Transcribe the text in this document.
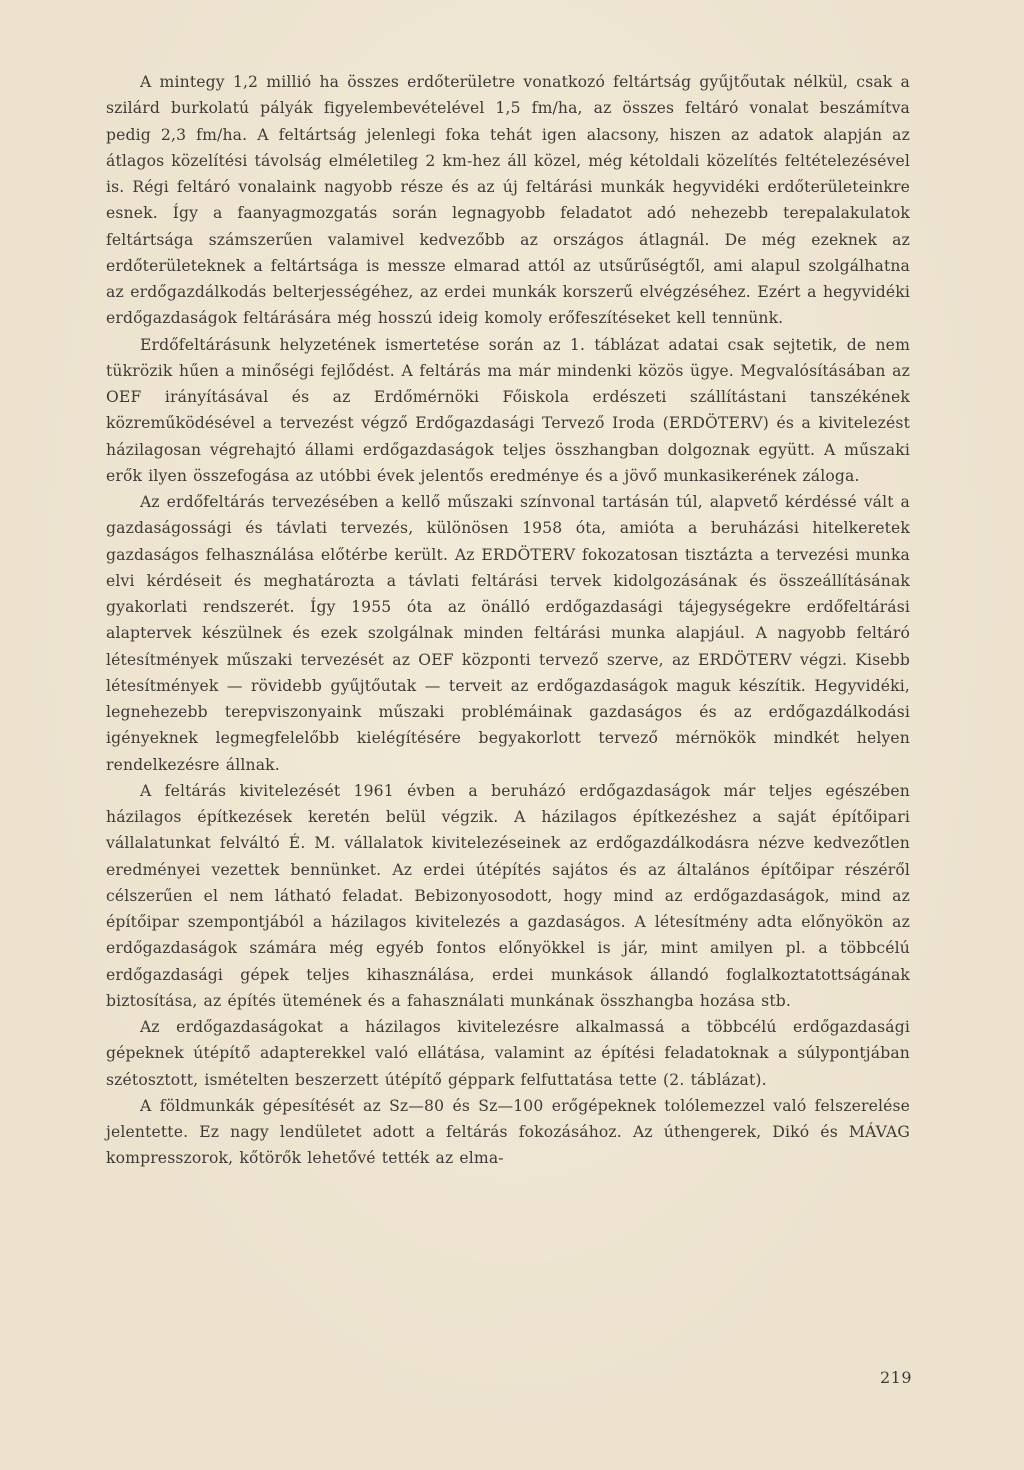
A mintegy 1,2 millió ha összes erdőterületre vonatkozó feltártság gyűjtőutak nélkül, csak a szilárd burkolatú pályák figyelembevételével 1,5 fm/ha, az összes feltáró vonalat beszámítva pedig 2,3 fm/ha. A feltártság jelenlegi foka tehát igen alacsony, hiszen az adatok alapján az átlagos közelítési távolság elméletileg 2 km-hez áll közel, még kétoldali közelítés feltételezésével is. Régi feltáró vonalaink nagyobb része és az új feltárási munkák hegyvidéki erdőterületeinkre esnek. Így a faanyagmozgatás során legnagyobb feladatot adó nehezebb terepalakulatok feltártsága számszerűen valamivel kedvezőbb az országos átlagnál. De még ezeknek az erdőterületeknek a feltártsága is messze elmarad attól az utsűrűségtől, ami alapul szolgálhatna az erdőgazdálkodás belterjességéhez, az erdei munkák korszerű elvégzéséhez. Ezért a hegyvidéki erdőgazdaságok feltárására még hosszú ideig komoly erőfeszítéseket kell tennünk.

Erdőfeltárásunk helyzetének ismertetése során az 1. táblázat adatai csak sejtetik, de nem tükrözik hűen a minőségi fejlődést. A feltárás ma már mindenki közös ügye. Megvalósításában az OEF irányításával és az Erdőmérnöki Főiskola erdészeti szállítástani tanszékének közreműködésével a tervezést végző Erdőgazdasági Tervező Iroda (ERDÖTERV) és a kivitelezést házilagosan végrehajtó állami erdőgazdaságok teljes összhangban dolgoznak együtt. A műszaki erők ilyen összefogása az utóbbi évek jelentős eredménye és a jövő munkasikerének záloga.

Az erdőfeltárás tervezésében a kellő műszaki színvonal tartásán túl, alapvető kérdéssé vált a gazdaságossági és távlati tervezés, különösen 1958 óta, amióta a beruházási hitelkeretek gazdaságos felhasználása előtérbe került. Az ERDÖTERV fokozatosan tisztázta a tervezési munka elvi kérdéseit és meghatározta a távlati feltárási tervek kidolgozásának és összeállításának gyakorlati rendszerét. Így 1955 óta az önálló erdőgazdasági tájegységekre erdőfeltárási alaptervek készülnek és ezek szolgálnak minden feltárási munka alapjául. A nagyobb feltáró létesítmények műszaki tervezését az OEF központi tervező szerve, az ERDÖTERV végzi. Kisebb létesítmények — rövidebb gyűjtőutak — terveit az erdőgazdaságok maguk készítik. Hegyvidéki, legnehezebb terepviszonyaink műszaki problémáinak gazdaságos és az erdőgazdálkodási igényeknek legmegfelelőbb kielégítésére begyakorlott tervező mérnökök mindkét helyen rendelkezésre állnak.

A feltárás kivitelezését 1961 évben a beruházó erdőgazdaságok már teljes egészében házilagos építkezések keretén belül végzik. A házilagos építkezéshez a saját építőipari vállalatunkat felváltó É. M. vállalatok kivitelezéseinek az erdőgazdálkodásra nézve kedvezőtlen eredményei vezettek bennünket. Az erdei útépítés sajátos és az általános építőipar részéről célszerűen el nem látható feladat. Bebizonyosodott, hogy mind az erdőgazdaságok, mind az építőipar szempontjából a házilagos kivitelezés a gazdaságos. A létesítmény adta előnyökön az erdőgazdaságok számára még egyéb fontos előnyökkel is jár, mint amilyen pl. a többcélú erdőgazdasági gépek teljes kihasználása, erdei munkások állandó foglalkoztatottságának biztosítása, az építés ütemének és a fahasználati munkának összhangba hozása stb.

Az erdőgazdaságokat a házilagos kivitelezésre alkalmassá a többcélú erdőgazdasági gépeknek útépítő adapterekkel való ellátása, valamint az építési feladatoknak a súlypontjában szétosztott, ismételten beszerzett útépítő géppark felfuttatása tette (2. táblázat).

A földmunkák gépesítését az Sz—80 és Sz—100 erőgépeknek tolólemezzel való felszerelése jelentette. Ez nagy lendületet adott a feltárás fokozásához. Az úthengerek, Dikó és MÁVAG kompresszorok, kőtörők lehetővé tették az elma-

219
